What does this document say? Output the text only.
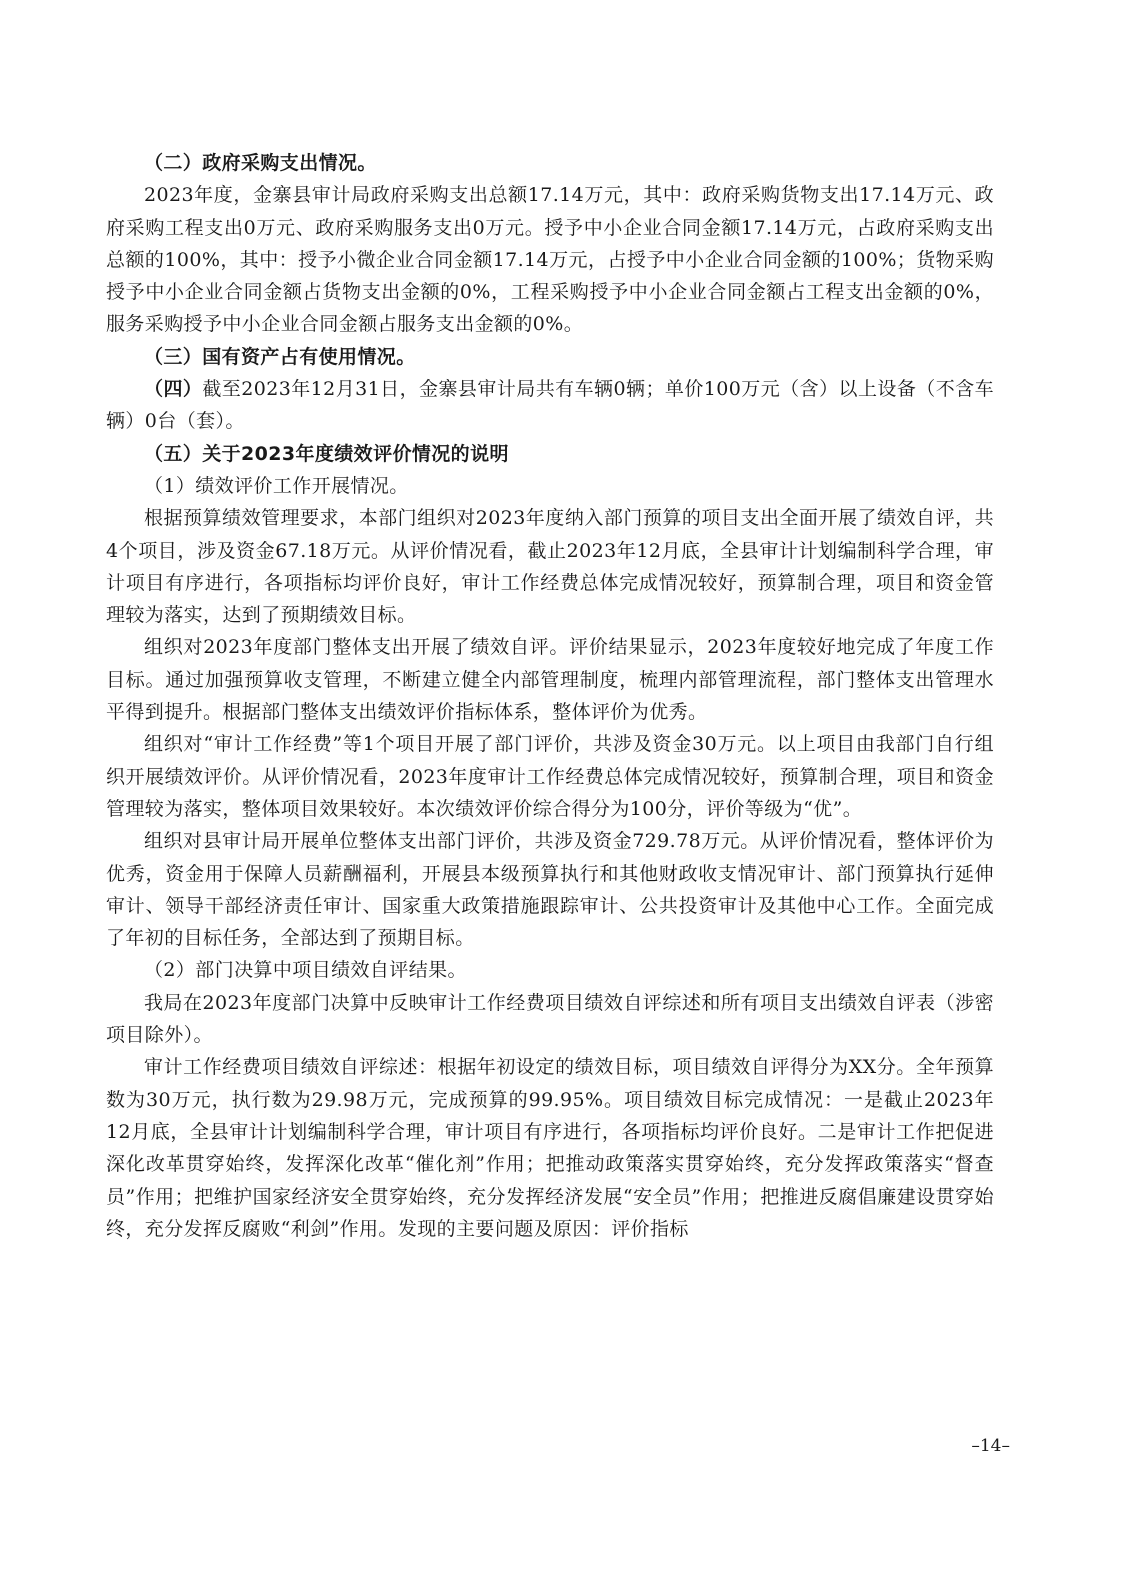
（二）政府采购支出情况。

2023年度，金寨县审计局政府采购支出总额17.14万元，其中：政府采购货物支出17.14万元、政府采购工程支出0万元、政府采购服务支出0万元。授予中小企业合同金额17.14万元，占政府采购支出总额的100%，其中：授予小微企业合同金额17.14万元，占授予中小企业合同金额的100%；货物采购授予中小企业合同金额占货物支出金额的0%，工程采购授予中小企业合同金额占工程支出金额的0%，服务采购授予中小企业合同金额占服务支出金额的0%。

（三）国有资产占有使用情况。

（四）截至2023年12月31日，金寨县审计局共有车辆0辆；单价100万元（含）以上设备（不含车辆）0台（套）。

（五）关于2023年度绩效评价情况的说明

（1）绩效评价工作开展情况。

根据预算绩效管理要求，本部门组织对2023年度纳入部门预算的项目支出全面开展了绩效自评，共4个项目，涉及资金67.18万元。从评价情况看，截止2023年12月底，全县审计计划编制科学合理，审计项目有序进行，各项指标均评价良好，审计工作经费总体完成情况较好，预算制合理，项目和资金管理较为落实，达到了预期绩效目标。

组织对2023年度部门整体支出开展了绩效自评。评价结果显示，2023年度较好地完成了年度工作目标。通过加强预算收支管理，不断建立健全内部管理制度，梳理内部管理流程，部门整体支出管理水平得到提升。根据部门整体支出绩效评价指标体系，整体评价为优秀。

组织对“审计工作经费”等1个项目开展了部门评价，共涉及资金30万元。以上项目由我部门自行组织开展绩效评价。从评价情况看，2023年度审计工作经费总体完成情况较好，预算制合理，项目和资金管理较为落实，整体项目效果较好。本次绩效评价综合得分为100分，评价等级为“优”。

组织对县审计局开展单位整体支出部门评价，共涉及资金729.78万元。从评价情况看，整体评价为优秀，资金用于保障人员薪酬福利，开展县本级预算执行和其他财政收支情况审计、部门预算执行延伸审计、领导干部经济责任审计、国家重大政策措施跟踪审计、公共投资审计及其他中心工作。全面完成了年初的目标任务，全部达到了预期目标。

（2）部门决算中项目绩效自评结果。

我局在2023年度部门决算中反映审计工作经费项目绩效自评综述和所有项目支出绩效自评表（涉密项目除外）。

审计工作经费项目绩效自评综述：根据年初设定的绩效目标，项目绩效自评得分为XX分。全年预算数为30万元，执行数为29.98万元，完成预算的99.95%。项目绩效目标完成情况：一是截止2023年12月底，全县审计计划编制科学合理，审计项目有序进行，各项指标均评价良好。二是审计工作把促进深化改革贯穿始终，发挥深化改革“催化剂”作用；把推动政策落实贯穿始终，充分发挥政策落实“督查员”作用；把维护国家经济安全贯穿始终，充分发挥经济发展“安全员”作用；把推进反腐倡廉建设贯穿始终，充分发挥反腐败“利剑”作用。发现的主要问题及原因：评价指标

–14–
